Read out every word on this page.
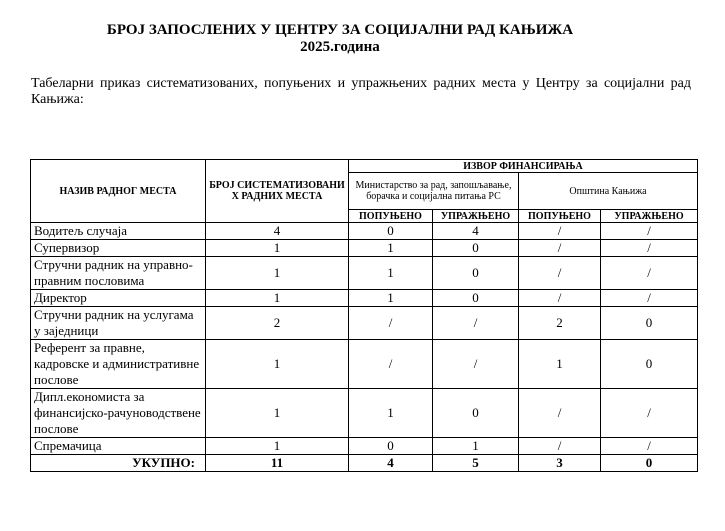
БРОЈ ЗАПОСЛЕНИХ У ЦЕНТРУ ЗА СОЦИЈАЛНИ РАД КАЊИЖА
2025.година
Табеларни приказ систематизованих, попуњених и упражњених радних места у Центру за социјални рад Кањижа:
НАЗИВ РАДНОГ МЕСТА	БРОЈ СИСТЕМАТИЗОВАНИ Х РАДНИХ МЕСТА	ИЗВОР ФИНАНСИРАЊА			
		Министарство за рад, запошљавање, борачка и социјална питања РС		Општина Кањижа	
		ПОПУЊЕНО	УПРАЖЊЕНО	ПОПУЊЕНО	УПРАЖЊЕНО
Водитељ случаја	4	0	4	/	/
Супервизор	1	1	0	/	/
Стручни радник на управно-правним пословима	1	1	0	/	/
Директор	1	1	0	/	/
Стручни радник на услугама у заједници	2	/	/	2	0
Референт за правне, кадровске и административне послове	1	/	/	1	0
Дипл.економиста за финансијско-рачуноводствене послове	1	1	0	/	/
Спремачица	1	0	1	/	/
УКУПНО:	11	4	5	3	0
